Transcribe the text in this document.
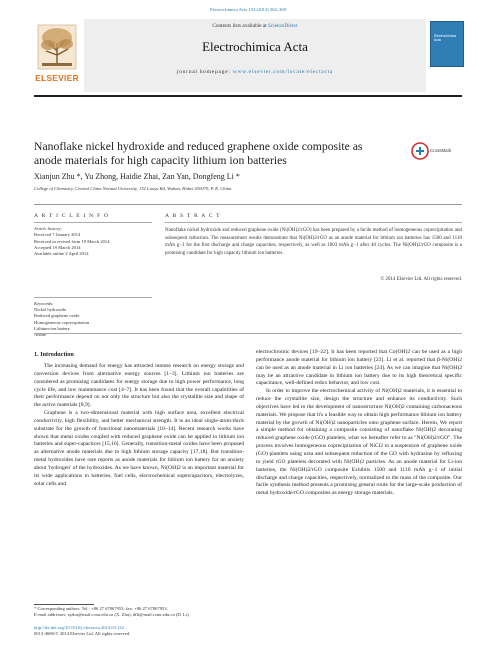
Electrochimica Acta 132 (2014) 364–369
ELSEVIER
Contents lists available at ScienceDirect
Electrochimica Acta
journal homepage: www.elsevier.com/locate/electacta
Electrochimica Acta
Nanoflake nickel hydroxide and reduced graphene oxide composite as
anode materials for high capacity lithium ion batteries
CrossMark
Xianjun Zhu *, Yu Zhong, Haidie Zhai, Zan Yan, Dongfeng Li *
College of Chemistry, Central China Normal University, 152 Luoyu Rd, Wuhan, Hubei 430079, P. R. China
A R T I C L E I N F O	A B S T R A C T
Article history:
Received 7 January 2014
Received in revised form 19 March 2014
Accepted 19 March 2014
Available online 2 April 2014
Keywords:
Nickel hydroxide
Reduced graphene oxide
Homogeneous coprecipitation
Lithium-ion battery
Anode
Nanoflake nickel hydroxide and reduced graphene oxide (Ni(OH)2/rGO) has been prepared by a facile method of homogeneous coprecipitation and subsequent reduction. The measurement results demonstrate that Ni(OH)2/rGO as an anode material for lithium ion batteries has 1500 and 1110 mAh g−1 for the first discharge and charge capacities, respectively, as well as 1003 mAh g−1 after 40 cycles. The Ni(OH)2/rGO composite is a promising candidate for high capacity lithium ion batteries.
© 2014 Elsevier Ltd. All rights reserved.
1. Introduction

The increasing demand for energy has attracted intense research on energy storage and conversion devices from alternative energy sources [1–3]. Lithium ion batteries are considered as promising candidates for energy storage due to high power performance, long cycle life, and low maintenance cost [4–7]. It has been found that the overall capabilities of their performance depend on not only the structure but also the crystallite size and shape of the active materials [8,9].

Graphene is a two-dimensional material with high surface area, excellent electrical conductivity, high flexibility, and better mechanical strength. It is an ideal single-atom-thick substrate for the growth of functional nanomaterials [10–14]. Recent research works have shown that metal oxides coupled with reduced graphene oxide can be applied to lithium ion batteries and super-capacitors [15,16]. Generally, transition-metal oxides have been proposed as alternative anode materials due to high lithium storage capacity [17,18]. But transition-metal hydroxides have rare reports as anode materials for lithium ion battery for an anxiety about 'hydrogen' of the hydroxides. As we have known, Ni(OH)2 is an important material for its wide applications in batteries, fuel cells, electrochemical supercapacitors, electrolyzes, solar cells and

electrochromic devices [19–22]. It has been reported that Co(OH)2 can be used as a high performance anode material for lithium ion battery [23]. Li et al. reported that β-Ni(OH)2 can be used as an anode material in Li ion batteries [24]. As we can imagine that Ni(OH)2 may be an attractive candidate in lithium ion battery due to its high theoretical specific capacitance, well-defined redox behavior, and low cost.

In order to improve the electrochemical activity of Ni(OH)2 materials, it is essential to reduce the crystallite size, design the structure and enhance its conductivity. Such objectives have led to the development of nanostructure Ni(OH)2 containing carbonaceous materials. We propose that it's a feasible way to obtain high performance lithium ion battery material by the growth of Ni(OH)2 nanoparticles onto graphene surface. Herein, We report a simple method for obtaining a composite consisting of nanoflake Ni(OH)2 decorating reduced graphene oxide (rGO) platelets, what we hereafter refer to as "Ni(OH)2/rGO". The process involves homogeneous coprecipitation of NiCl2 in a suspension of graphene oxide (GO) platelets using urea and subsequent reduction of the GO with hydrazine by refluxing to yield rGO platelets decorated with Ni(OH)2 particles. As an anode material for Li-ion batteries, the Ni(OH)2/rGO composite Exhibits 1500 and 1110 mAh g−1 of initial discharge and charge capacities, respectively, normalized to the mass of the composite. Our facile synthesis method presents a promising general route for the large-scale production of metal hydroxide/rGO composites as energy storage materials.

* Corresponding authors. Tel.: +86 27 67867953; fax: +86 27 67867953.
E-mail addresses: xjzhu@mail.ccnu.edu.cn (X. Zhu), dfli@mail.ccnu.edu.cn (D. Li).
http://dx.doi.org/10.1016/j.electacta.2014.03.132
0013-4686/© 2014 Elsevier Ltd. All rights reserved.
